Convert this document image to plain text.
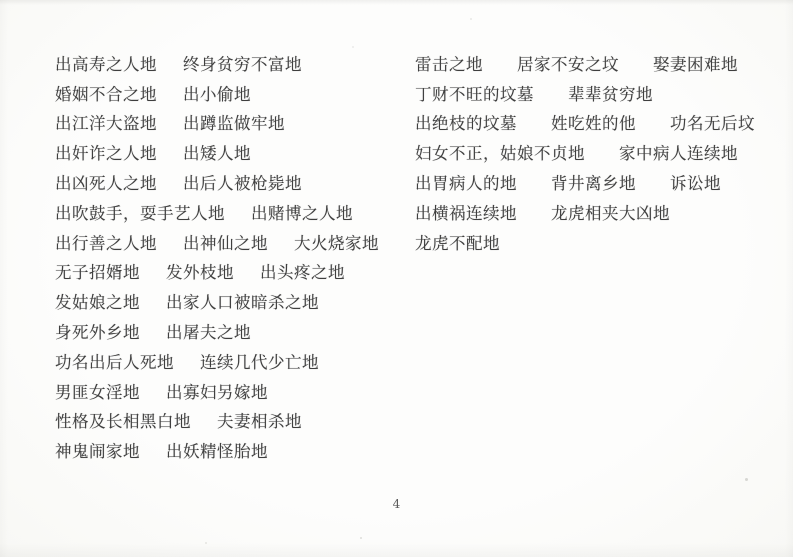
出高寿之人地 终身贫穷不富地
婚姻不合之地 出小偷地
出江洋大盗地 出蹲监做牢地
出奸诈之人地 出矮人地
出凶死人之地 出后人被枪毙地
出吹鼓手，耍手艺人地 出赌博之人地
出行善之人地 出神仙之地 大火烧家地
无子招婿地 发外枝地 出头疼之地
发姑娘之地 出家人口被暗杀之地
身死外乡地 出屠夫之地
功名出后人死地 连续几代少亡地
男匪女淫地 出寡妇另嫁地
性格及长相黑白地 夫妻相杀地
神鬼闹家地 出妖精怪胎地
雷击之地 居家不安之坟 娶妻困难地
丁财不旺的坟墓 辈辈贫穷地
出绝枝的坟墓 姓吃姓的他 功名无后坟
妇女不正，姑娘不贞地 家中病人连续地
出胃病人的地 背井离乡地 诉讼地
出横祸连续地 龙虎相夹大凶地
龙虎不配地
4
